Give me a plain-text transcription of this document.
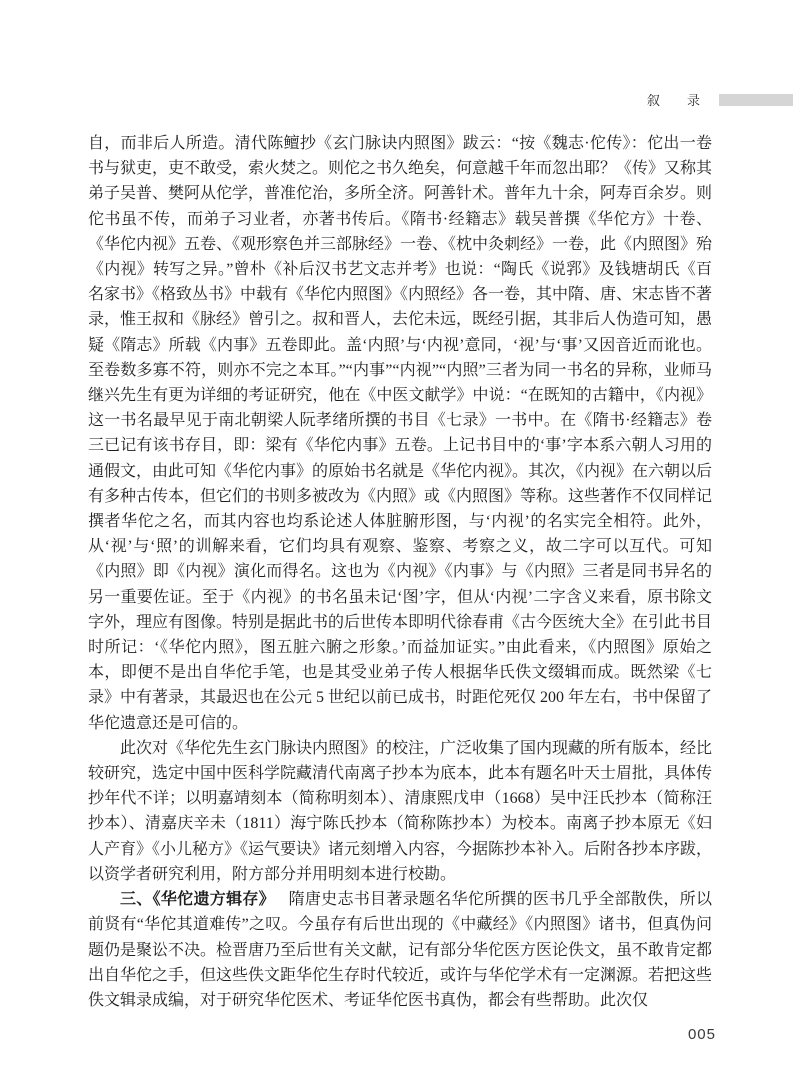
叙　录

自，而非后人所造。清代陈鳣抄《玄门脉诀内照图》跋云：“按《魏志·佗传》：佗出一卷书与狱吏，吏不敢受，索火焚之。则佗之书久绝矣，何意越千年而忽出耶？《传》又称其弟子吴普、樊阿从佗学，普准佗治，多所全济。阿善针术。普年九十余，阿寿百余岁。则佗书虽不传，而弟子习业者，亦著书传后。《隋书·经籍志》载吴普撰《华佗方》十卷、《华佗内视》五卷、《观形察色并三部脉经》一卷、《枕中灸刺经》一卷，此《内照图》殆《内视》转写之异。”曾朴《补后汉书艺文志并考》也说：“陶氏《说郛》及钱塘胡氏《百名家书》《格致丛书》中载有《华佗内照图》《内照经》各一卷，其中隋、唐、宋志皆不著录，惟王叔和《脉经》曾引之。叔和晋人，去佗未远，既经引据，其非后人伪造可知，愚疑《隋志》所载《内事》五卷即此。盖‘内照’与‘内视’意同，‘视’与‘事’又因音近而讹也。至卷数多寡不符，则亦不完之本耳。”“内事”“内视”“内照”三者为同一书名的异称，业师马继兴先生有更为详细的考证研究，他在《中医文献学》中说：“在既知的古籍中，《内视》这一书名最早见于南北朝梁人阮孝绪所撰的书目《七录》一书中。在《隋书·经籍志》卷三已记有该书存目，即：梁有《华佗内事》五卷。上记书目中的‘事’字本系六朝人习用的通假文，由此可知《华佗内事》的原始书名就是《华佗内视》。其次，《内视》在六朝以后有多种古传本，但它们的书则多被改为《内照》或《内照图》等称。这些著作不仅同样记撰者华佗之名，而其内容也均系论述人体脏腑形图，与‘内视’的名实完全相符。此外，从‘视’与‘照’的训解来看，它们均具有观察、鉴察、考察之义，故二字可以互代。可知《内照》即《内视》演化而得名。这也为《内视》《内事》与《内照》三者是同书异名的另一重要佐证。至于《内视》的书名虽未记‘图’字，但从‘内视’二字含义来看，原书除文字外，理应有图像。特别是据此书的后世传本即明代徐春甫《古今医统大全》在引此书目时所记：‘《华佗内照》，图五脏六腑之形象。’而益加证实。”由此看来，《内照图》原始之本，即便不是出自华佗手笔，也是其受业弟子传人根据华氏佚文缀辑而成。既然梁《七录》中有著录，其最迟也在公元 5 世纪以前已成书，时距佗死仅 200 年左右，书中保留了华佗遗意还是可信的。

此次对《华佗先生玄门脉诀内照图》的校注，广泛收集了国内现藏的所有版本，经比较研究，选定中国中医科学院藏清代南离子抄本为底本，此本有题名叶天士眉批，具体传抄年代不详；以明嘉靖刻本（简称明刻本）、清康熙戊申（1668）吴中汪氏抄本（简称汪抄本）、清嘉庆辛未（1811）海宁陈氏抄本（简称陈抄本）为校本。南离子抄本原无《妇人产育》《小儿秘方》《运气要诀》诸元刻增入内容，今据陈抄本补入。后附各抄本序跋，以资学者研究利用，附方部分并用明刻本进行校勘。

三、《华佗遗方辑存》 隋唐史志书目著录题名华佗所撰的医书几乎全部散佚，所以前贤有“华佗其道难传”之叹。今虽存有后世出现的《中藏经》《内照图》诸书，但真伪问题仍是聚讼不决。检晋唐乃至后世有关文献，记有部分华佗医方医论佚文，虽不敢肯定都出自华佗之手，但这些佚文距华佗生存时代较近，或许与华佗学术有一定渊源。若把这些佚文辑录成编，对于研究华佗医术、考证华佗医书真伪，都会有些帮助。此次仅

005
